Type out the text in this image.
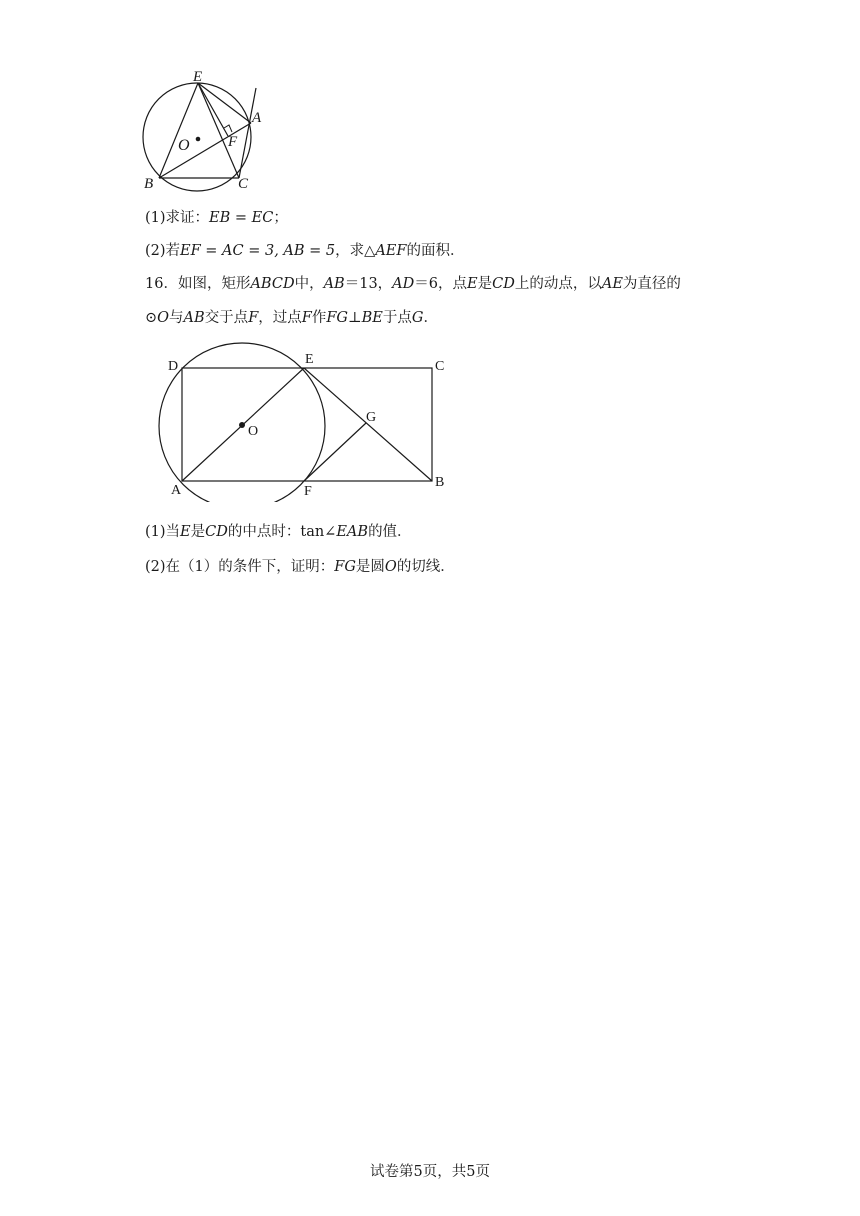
E
A
O	F
B	C
(1)求证：EB = EC；
(2)若EF = AC = 3, AB = 5，求△AEF的面积．
16．如图，矩形ABCD中，AB＝13，AD＝6，点E是CD上的动点，以AE为直径的
⊙O与AB交于点F，过点F作FG⊥BE于点G．
D	E	C
G
O
A	F
B
(1)当E是CD的中点时：tan∠EAB的值．
(2)在（1）的条件下，证明：FG是圆O的切线．
试卷第5页，共5页
